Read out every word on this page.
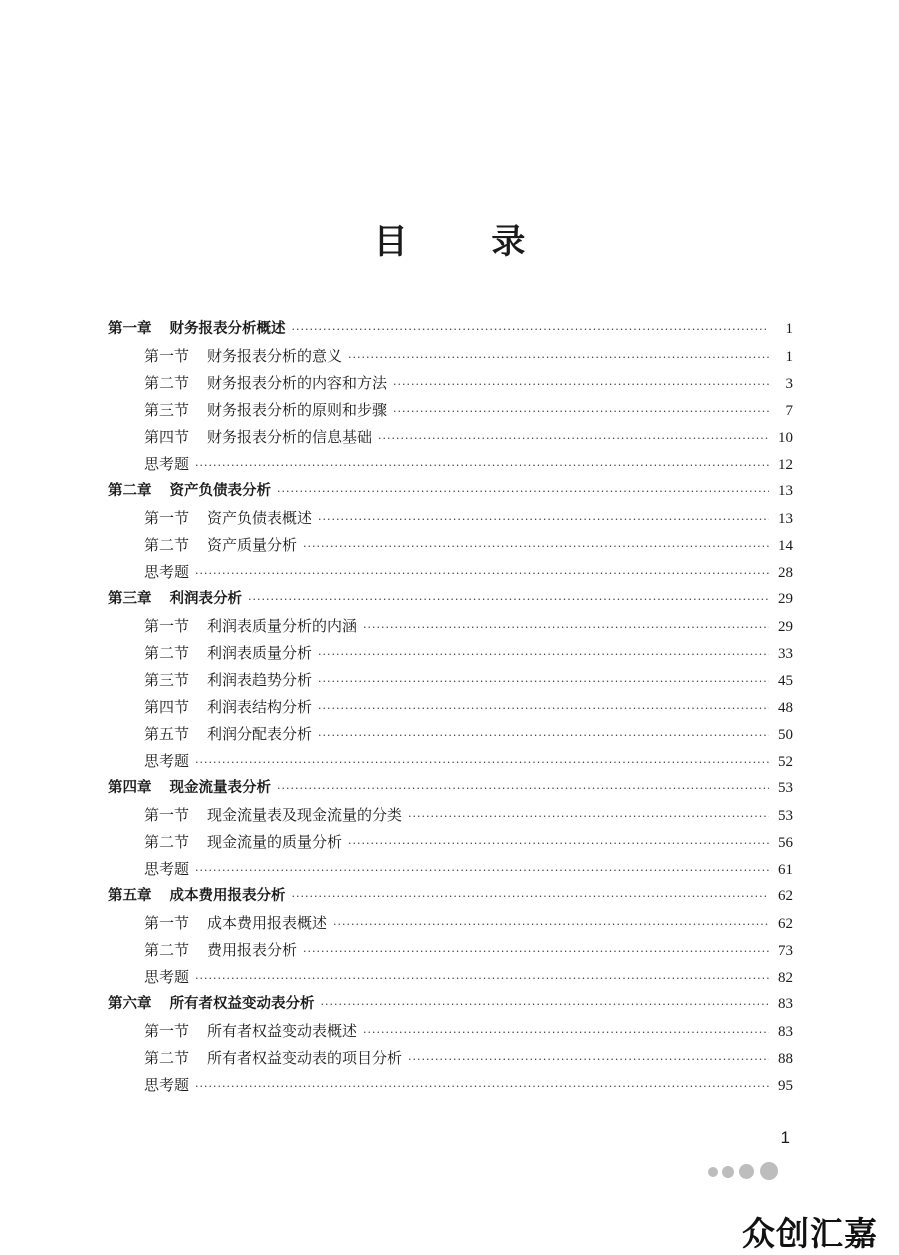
目 录
第一章 财务报表分析概述 ·····	1
第一节 财务报表分析的意义 ·····	1
第二节 财务报表分析的内容和方法 ·····	3
第三节 财务报表分析的原则和步骤 ·····	7
第四节 财务报表分析的信息基础 ·····	10
思考题 ·····	12
第二章 资产负债表分析 ·····	13
第一节 资产负债表概述 ·····	13
第二节 资产质量分析 ·····	14
思考题 ·····	28
第三章 利润表分析 ·····	29
第一节 利润表质量分析的内涵 ·····	29
第二节 利润表质量分析 ·····	33
第三节 利润表趋势分析 ·····	45
第四节 利润表结构分析 ·····	48
第五节 利润分配表分析 ·····	50
思考题 ·····	52
第四章 现金流量表分析 ·····	53
第一节 现金流量表及现金流量的分类 ·····	53
第二节 现金流量的质量分析 ·····	56
思考题 ·····	61
第五章 成本费用报表分析 ·····	62
第一节 成本费用报表概述 ·····	62
第二节 费用报表分析 ·····	73
思考题 ·····	82
第六章 所有者权益变动表分析 ·····	83
第一节 所有者权益变动表概述 ·····	83
第二节 所有者权益变动表的项目分析 ·····	88
思考题 ·····	95
1
众创汇嘉
